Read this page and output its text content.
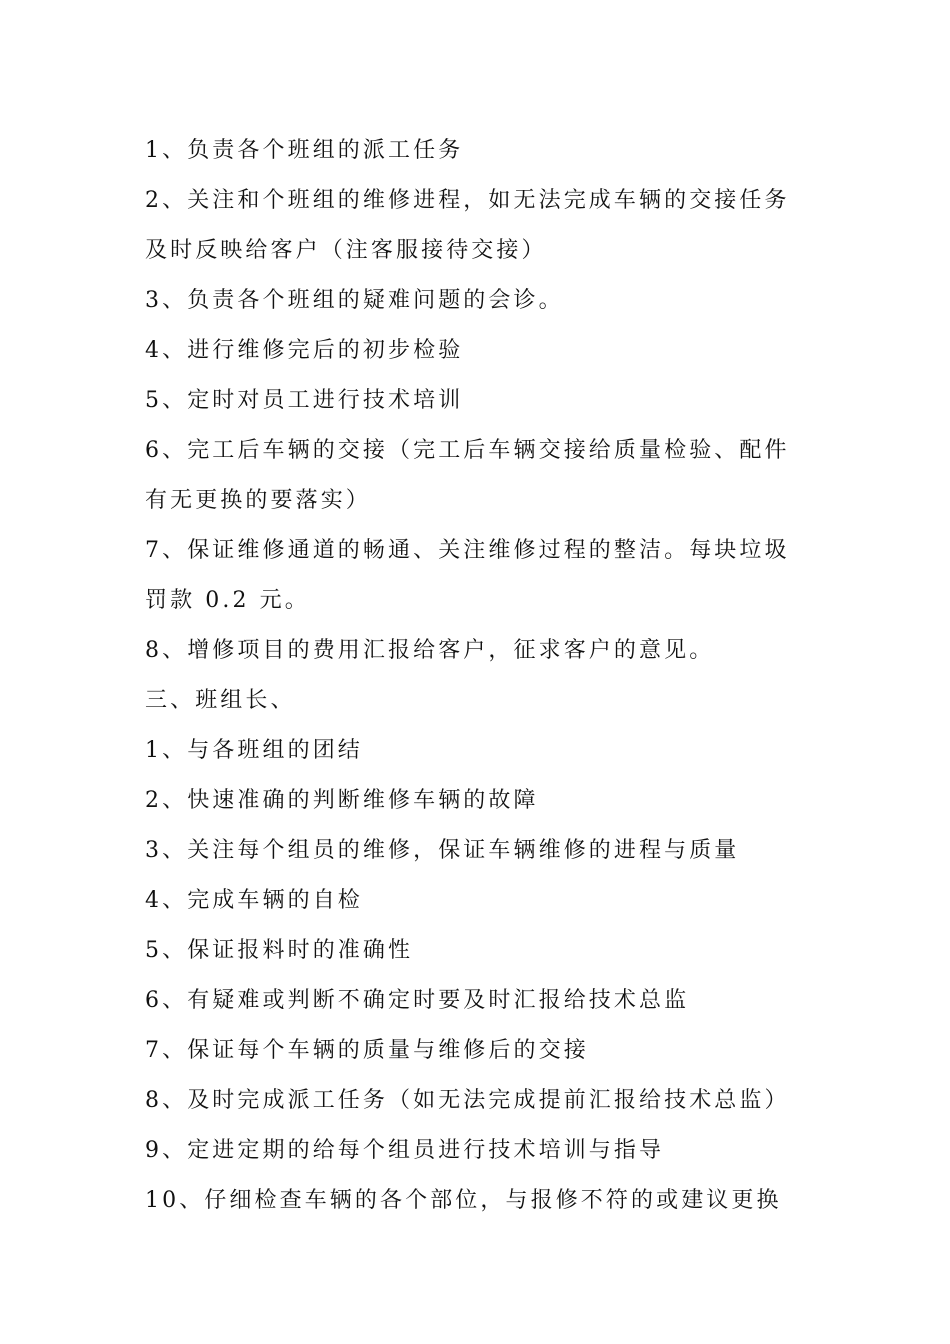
1、负责各个班组的派工任务
2、关注和个班组的维修进程，如无法完成车辆的交接任务
及时反映给客户（注客服接待交接）
3、负责各个班组的疑难问题的会诊。
4、进行维修完后的初步检验
5、定时对员工进行技术培训
6、完工后车辆的交接（完工后车辆交接给质量检验、配件
有无更换的要落实）
7、保证维修通道的畅通、关注维修过程的整洁。每块垃圾
罚款 0.2 元。
8、增修项目的费用汇报给客户，征求客户的意见。
三、班组长、
1、与各班组的团结
2、快速准确的判断维修车辆的故障
3、关注每个组员的维修，保证车辆维修的进程与质量
4、完成车辆的自检
5、保证报料时的准确性
6、有疑难或判断不确定时要及时汇报给技术总监
7、保证每个车辆的质量与维修后的交接
8、及时完成派工任务（如无法完成提前汇报给技术总监）
9、定进定期的给每个组员进行技术培训与指导
10、仔细检查车辆的各个部位，与报修不符的或建议更换
